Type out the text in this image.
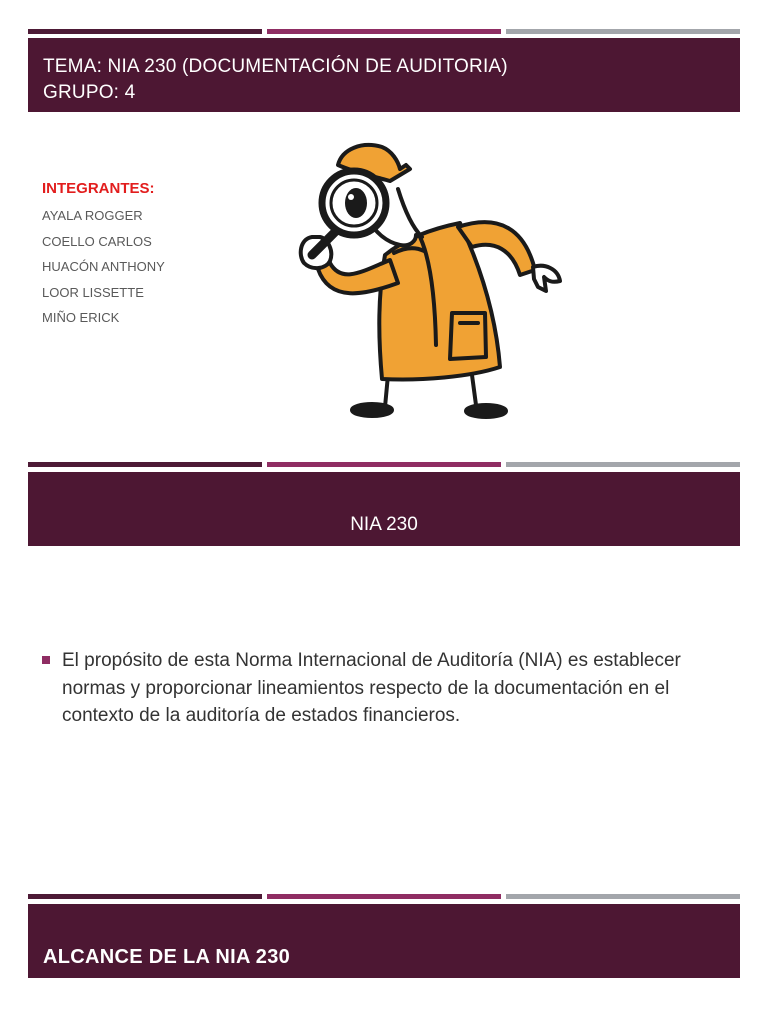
TEMA: NIA 230 (DOCUMENTACIÓN DE AUDITORIA)
GRUPO: 4
INTEGRANTES:
AYALA ROGGER
COELLO CARLOS
HUACÓN ANTHONY
LOOR LISSETTE
MIÑO ERICK
NIA 230
El propósito de esta Norma Internacional de Auditoría (NIA) es establecer normas y proporcionar lineamientos respecto de la documentación en el contexto de la auditoría de estados financieros.
ALCANCE DE LA NIA 230
